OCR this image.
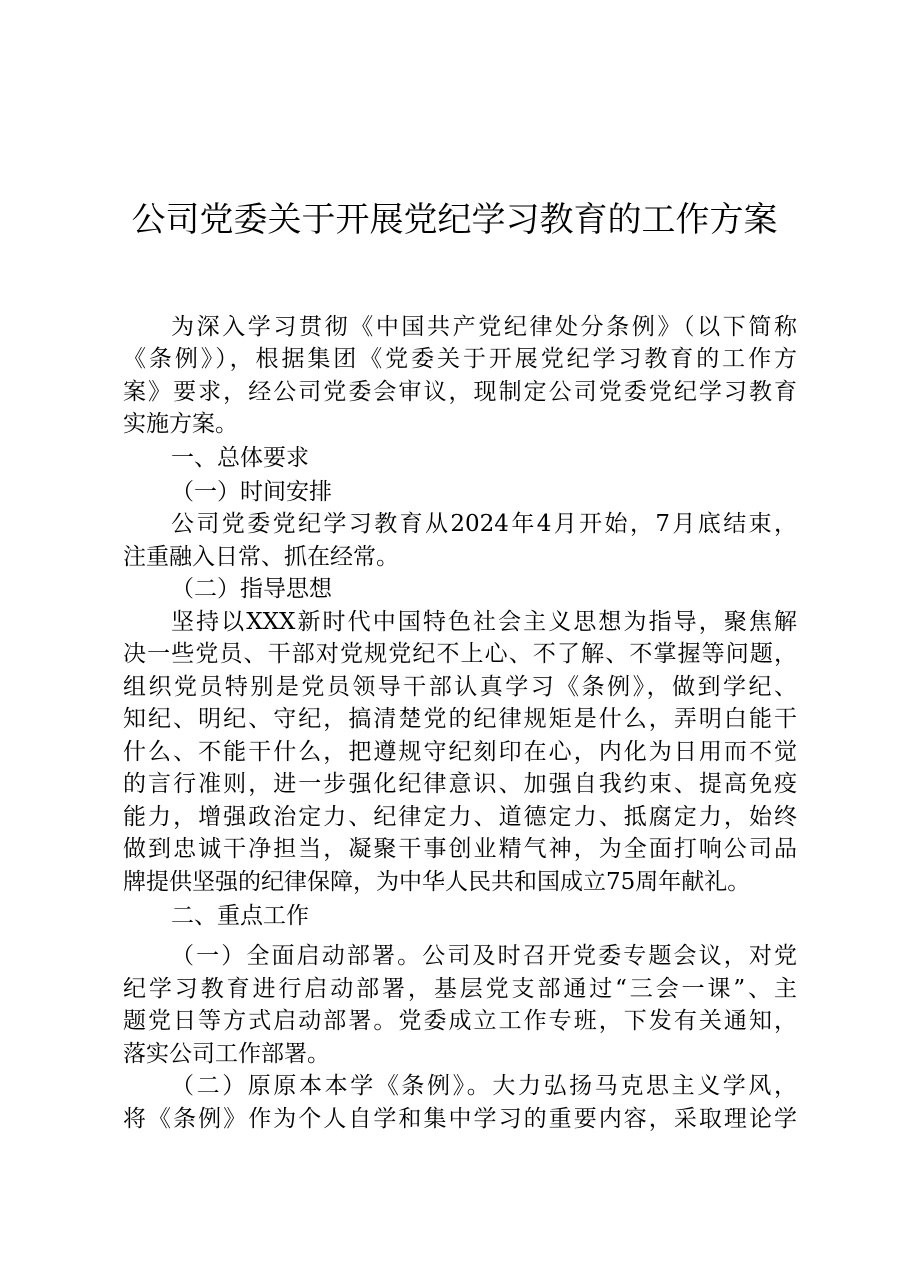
公司党委关于开展党纪学习教育的工作方案
为深入学习贯彻《中国共产党纪律处分条例》（以下简称
《条例》），根据集团《党委关于开展党纪学习教育的工作方
案》要求，经公司党委会审议，现制定公司党委党纪学习教育
实施方案。
一、总体要求
（一）时间安排
公司党委党纪学习教育从2024年4月开始，7月底结束，
注重融入日常、抓在经常。
（二）指导思想
坚持以XXX新时代中国特色社会主义思想为指导，聚焦解
决一些党员、干部对党规党纪不上心、不了解、不掌握等问题，
组织党员特别是党员领导干部认真学习《条例》，做到学纪、
知纪、明纪、守纪，搞清楚党的纪律规矩是什么，弄明白能干
什么、不能干什么，把遵规守纪刻印在心，内化为日用而不觉
的言行准则，进一步强化纪律意识、加强自我约束、提高免疫
能力，增强政治定力、纪律定力、道德定力、抵腐定力，始终
做到忠诚干净担当，凝聚干事创业精气神，为全面打响公司品
牌提供坚强的纪律保障，为中华人民共和国成立75周年献礼。
二、重点工作
（一）全面启动部署。公司及时召开党委专题会议，对党
纪学习教育进行启动部署，基层党支部通过“三会一课”、主
题党日等方式启动部署。党委成立工作专班，下发有关通知，
落实公司工作部署。
（二）原原本本学《条例》。大力弘扬马克思主义学风，
将《条例》作为个人自学和集中学习的重要内容，采取理论学
